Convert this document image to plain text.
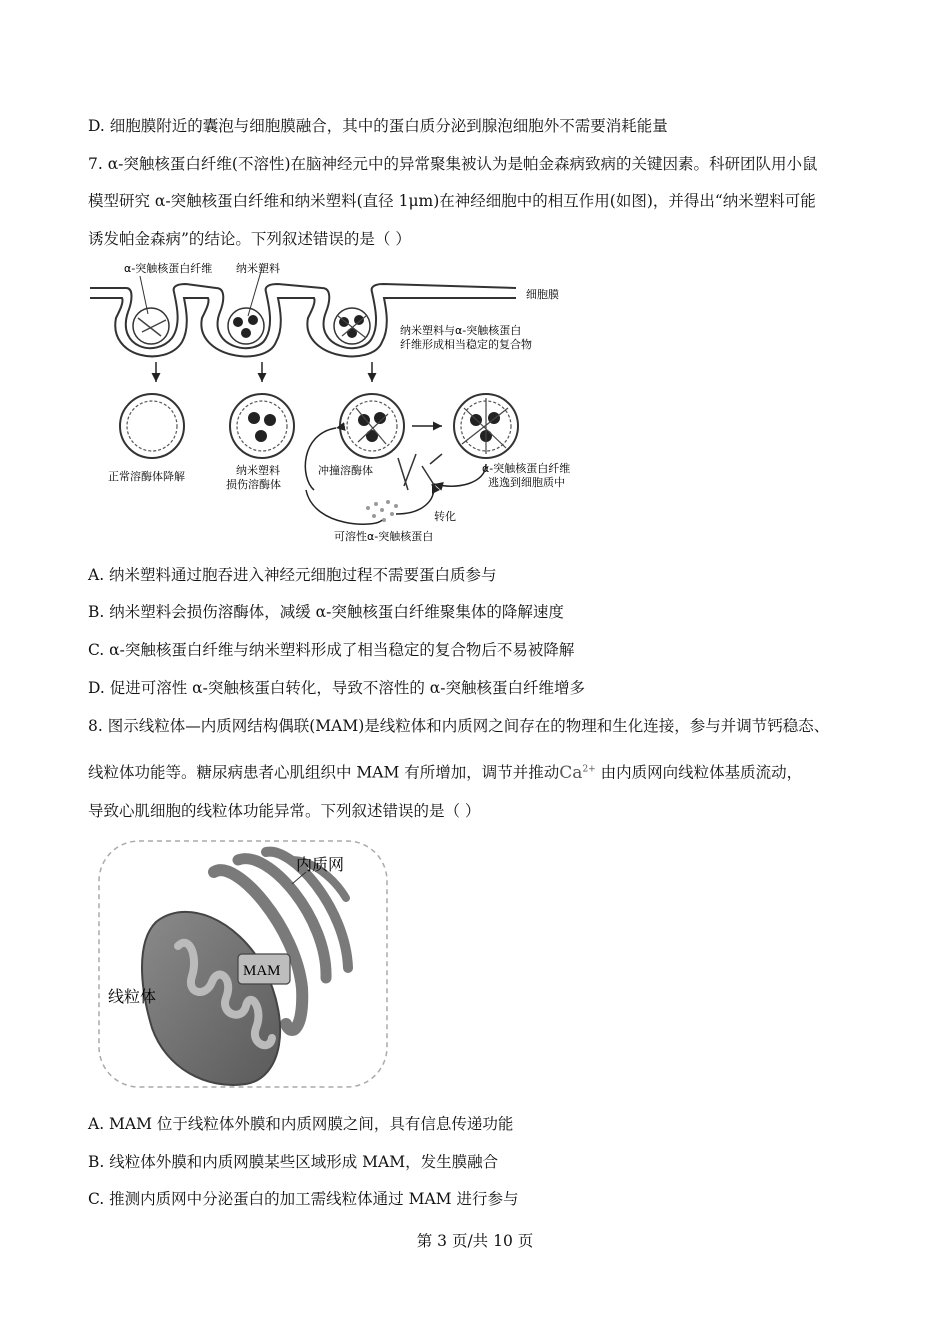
D. 细胞膜附近的囊泡与细胞膜融合，其中的蛋白质分泌到腺泡细胞外不需要消耗能量
7. α-突触核蛋白纤维(不溶性)在脑神经元中的异常聚集被认为是帕金森病致病的关键因素。科研团队用小鼠
模型研究 α-突触核蛋白纤维和纳米塑料(直径 1μm)在神经细胞中的相互作用(如图)，并得出“纳米塑料可能
诱发帕金森病”的结论。下列叙述错误的是（ ）
α-突触核蛋白纤维 纳米塑料
细胞膜
纳米塑料与α-突触核蛋白
纤维形成相当稳定的复合物
正常溶酶体降解	纳米塑料
损伤溶酶体
冲撞溶酶体	α-突触核蛋白纤维
逃逸到细胞质中
转化
可溶性α-突触核蛋白
A. 纳米塑料通过胞吞进入神经元细胞过程不需要蛋白质参与
B. 纳米塑料会损伤溶酶体，减缓 α-突触核蛋白纤维聚集体的降解速度
C. α-突触核蛋白纤维与纳米塑料形成了相当稳定的复合物后不易被降解
D. 促进可溶性 α-突触核蛋白转化，导致不溶性的 α-突触核蛋白纤维增多
8. 图示线粒体—内质网结构偶联(MAM)是线粒体和内质网之间存在的物理和生化连接，参与并调节钙稳态、
线粒体功能等。糖尿病患者心肌组织中 MAM 有所增加，调节并推动$Ca^{2+}$ 由内质网向线粒体基质流动，
导致心肌细胞的线粒体功能异常。下列叙述错误的是（ ）
MAM
内质网
线粒体
A. MAM 位于线粒体外膜和内质网膜之间，具有信息传递功能
B. 线粒体外膜和内质网膜某些区域形成 MAM，发生膜融合
C. 推测内质网中分泌蛋白的加工需线粒体通过 MAM 进行参与
第 3 页/共 10 页
